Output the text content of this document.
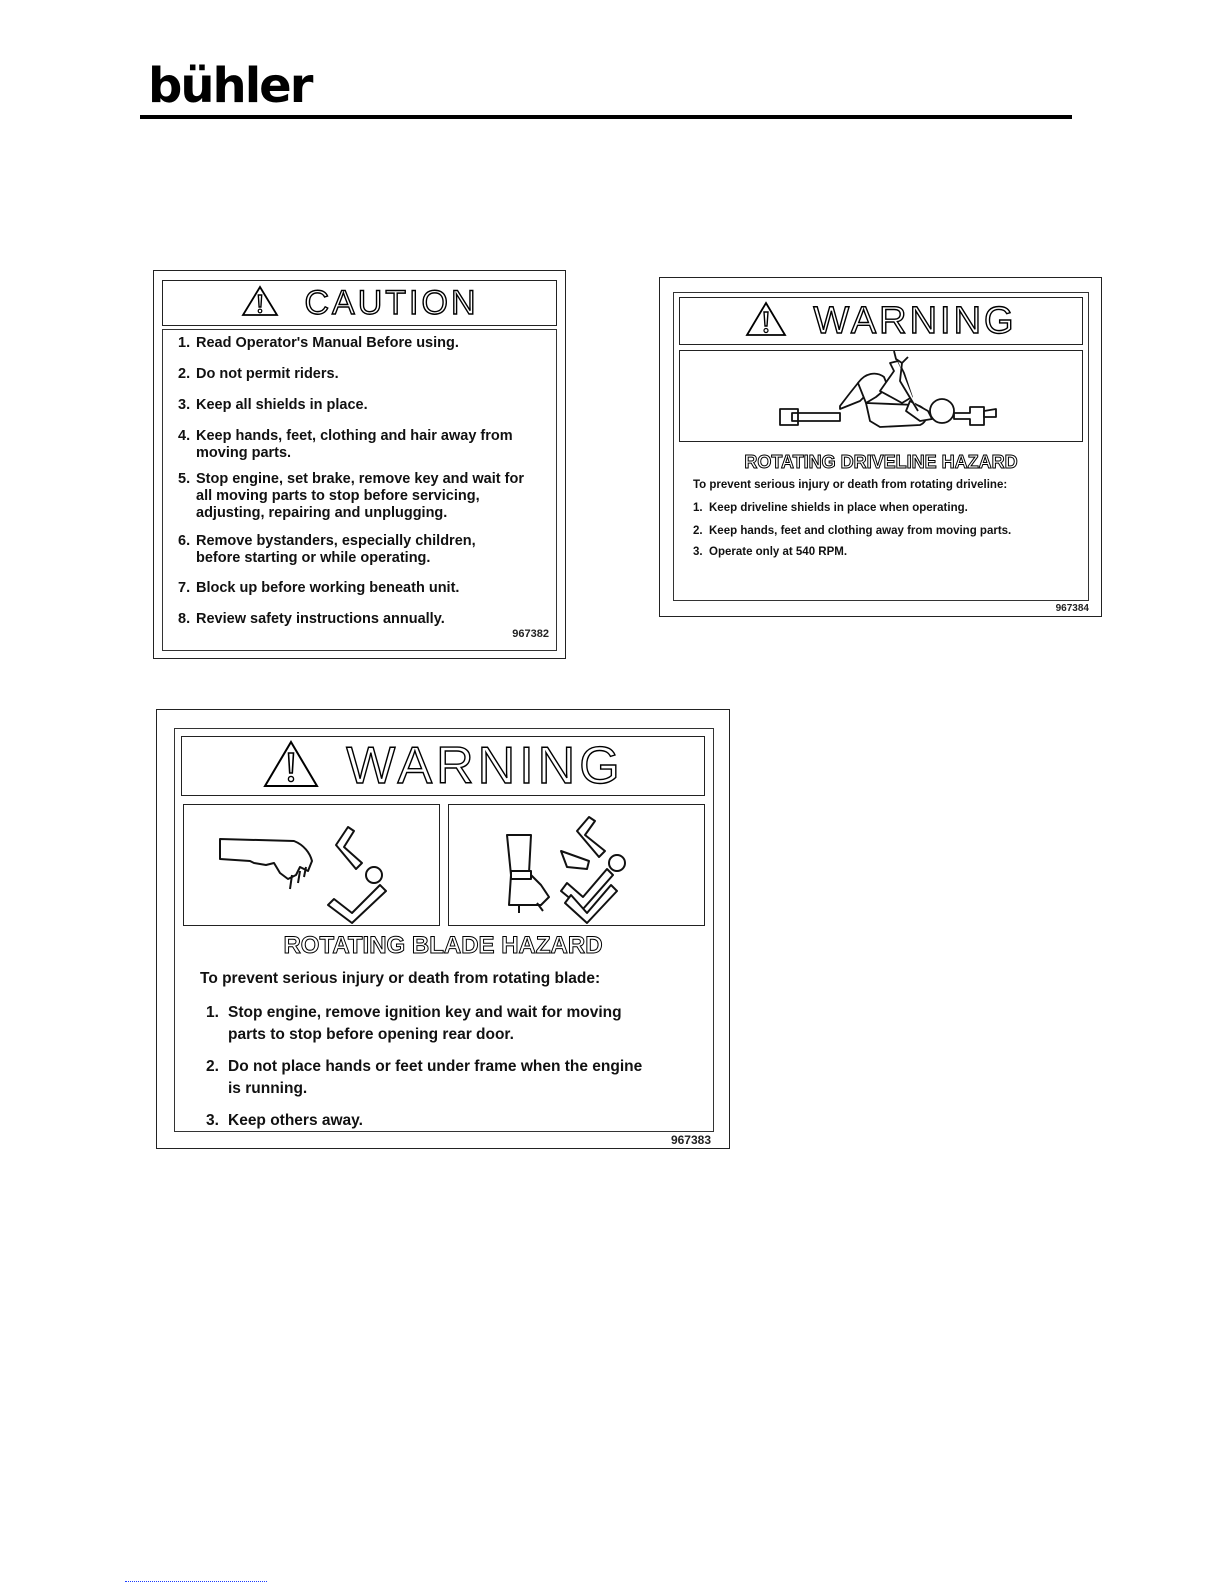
bühler
CAUTION
1. Read Operator's Manual Before using.
2. Do not permit riders.
3. Keep all shields in place.
4. Keep hands, feet, clothing and hair away from moving parts.
5. Stop engine, set brake, remove key and wait for all moving parts to stop before servicing, adjusting, repairing and unplugging.
6. Remove bystanders, especially children, before starting or while operating.
7. Block up before working beneath unit.
8. Review safety instructions annually.
967382
WARNING
ROTATING DRIVELINE HAZARD

To prevent serious injury or death from rotating driveline:

1. Keep driveline shields in place when operating.
2. Keep hands, feet and clothing away from moving parts.
3. Operate only at 540 RPM.
967384
WARNING
ROTATING BLADE HAZARD

To prevent serious injury or death from rotating blade:

1. Stop engine, remove ignition key and wait for moving parts to stop before opening rear door.
2. Do not place hands or feet under frame when the engine is running.
3. Keep others away.
967383
